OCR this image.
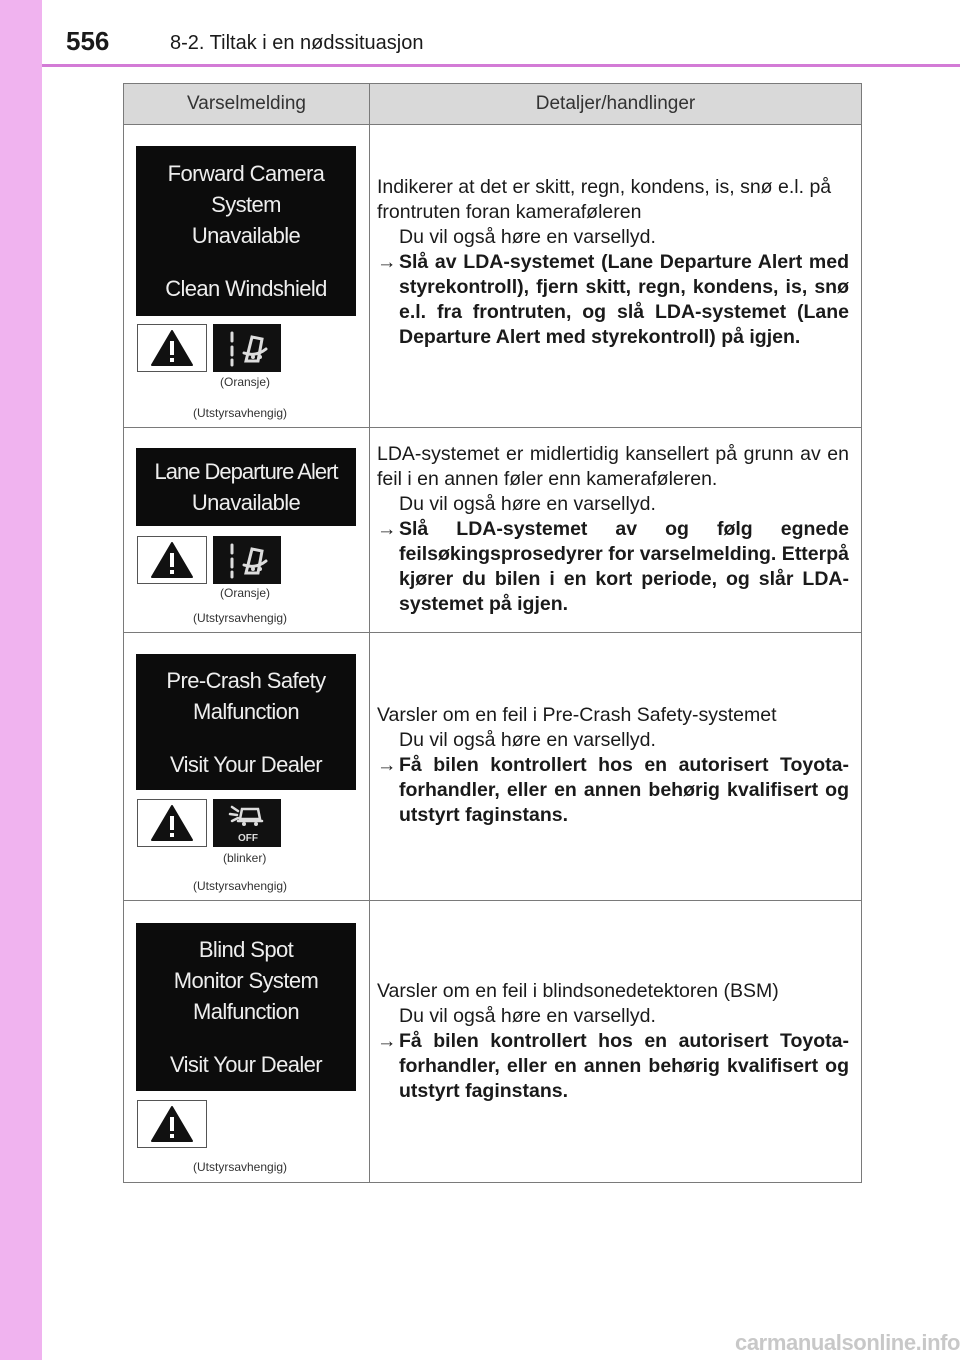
556	8-2. Tiltak i en nødssituasjon
Varselmelding	Detaljer/handlinger
Forward Camera
System
Unavailable
Clean Windshield
(Oransje)
(Utstyrsavhengig)

Indikerer at det er skitt, regn, kondens, is, snø e.l. på frontruten foran kameraføleren

Du vil også høre en varsellyd.

→ Slå av LDA-systemet (Lane Departure Alert med styrekontroll), fjern skitt, regn, kondens, is, snø e.l. fra frontruten, og slå LDA-systemet (Lane Departure Alert med styrekontroll) på igjen.
Lane Departure Alert
Unavailable
(Oransje)
(Utstyrsavhengig)

LDA-systemet er midlertidig kansellert på grunn av en feil i en annen føler enn kameraføleren.

Du vil også høre en varsellyd.

→ Slå LDA-systemet av og følg egnede feilsøkingsprosedyrer for varselmelding. Etterpå kjører du bilen i en kort periode, og slår LDA-systemet på igjen.
Pre-Crash Safety
Malfunction
Visit Your Dealer
OFF
(blinker)
(Utstyrsavhengig)

Varsler om en feil i Pre-Crash Safety-systemet

Du vil også høre en varsellyd.

→ Få bilen kontrollert hos en autorisert Toyota-forhandler, eller en annen behørig kvalifisert og utstyrt faginstans.
Blind Spot
Monitor System
Malfunction
Visit Your Dealer
(Utstyrsavhengig)

Varsler om en feil i blindsonedetektoren (BSM)

Du vil også høre en varsellyd.

→ Få bilen kontrollert hos en autorisert Toyota-forhandler, eller en annen behørig kvalifisert og utstyrt faginstans.
carmanualsonline.info
